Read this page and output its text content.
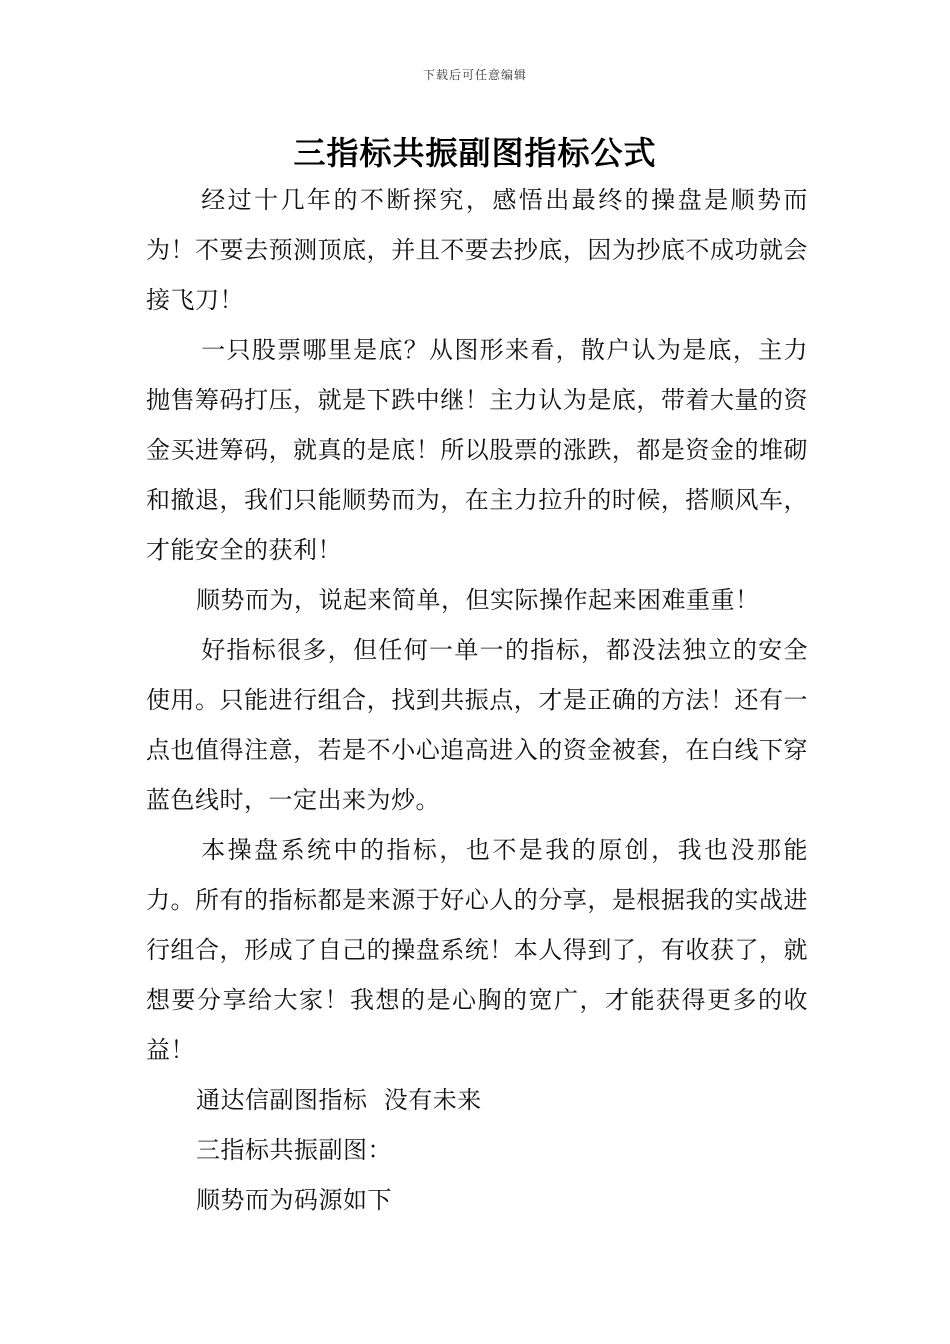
下载后可任意编辑
三指标共振副图指标公式

经过十几年的不断探究，感悟出最终的操盘是顺势而为！不要去预测顶底，并且不要去抄底，因为抄底不成功就会接飞刀！

一只股票哪里是底？从图形来看，散户认为是底，主力抛售筹码打压，就是下跌中继！主力认为是底，带着大量的资金买进筹码，就真的是底！所以股票的涨跌，都是资金的堆砌和撤退，我们只能顺势而为，在主力拉升的时候，搭顺风车，才能安全的获利！

顺势而为，说起来简单，但实际操作起来困难重重！

好指标很多，但任何一单一的指标，都没法独立的安全使用。只能进行组合，找到共振点，才是正确的方法！还有一点也值得注意，若是不小心追高进入的资金被套，在白线下穿蓝色线时，一定出来为炒。

本操盘系统中的指标，也不是我的原创，我也没那能力。所有的指标都是来源于好心人的分享，是根据我的实战进行组合，形成了自己的操盘系统！本人得到了，有收获了，就想要分享给大家！我想的是心胸的宽广，才能获得更多的收益！

通达信副图指标  没有未来

三指标共振副图：

顺势而为码源如下
